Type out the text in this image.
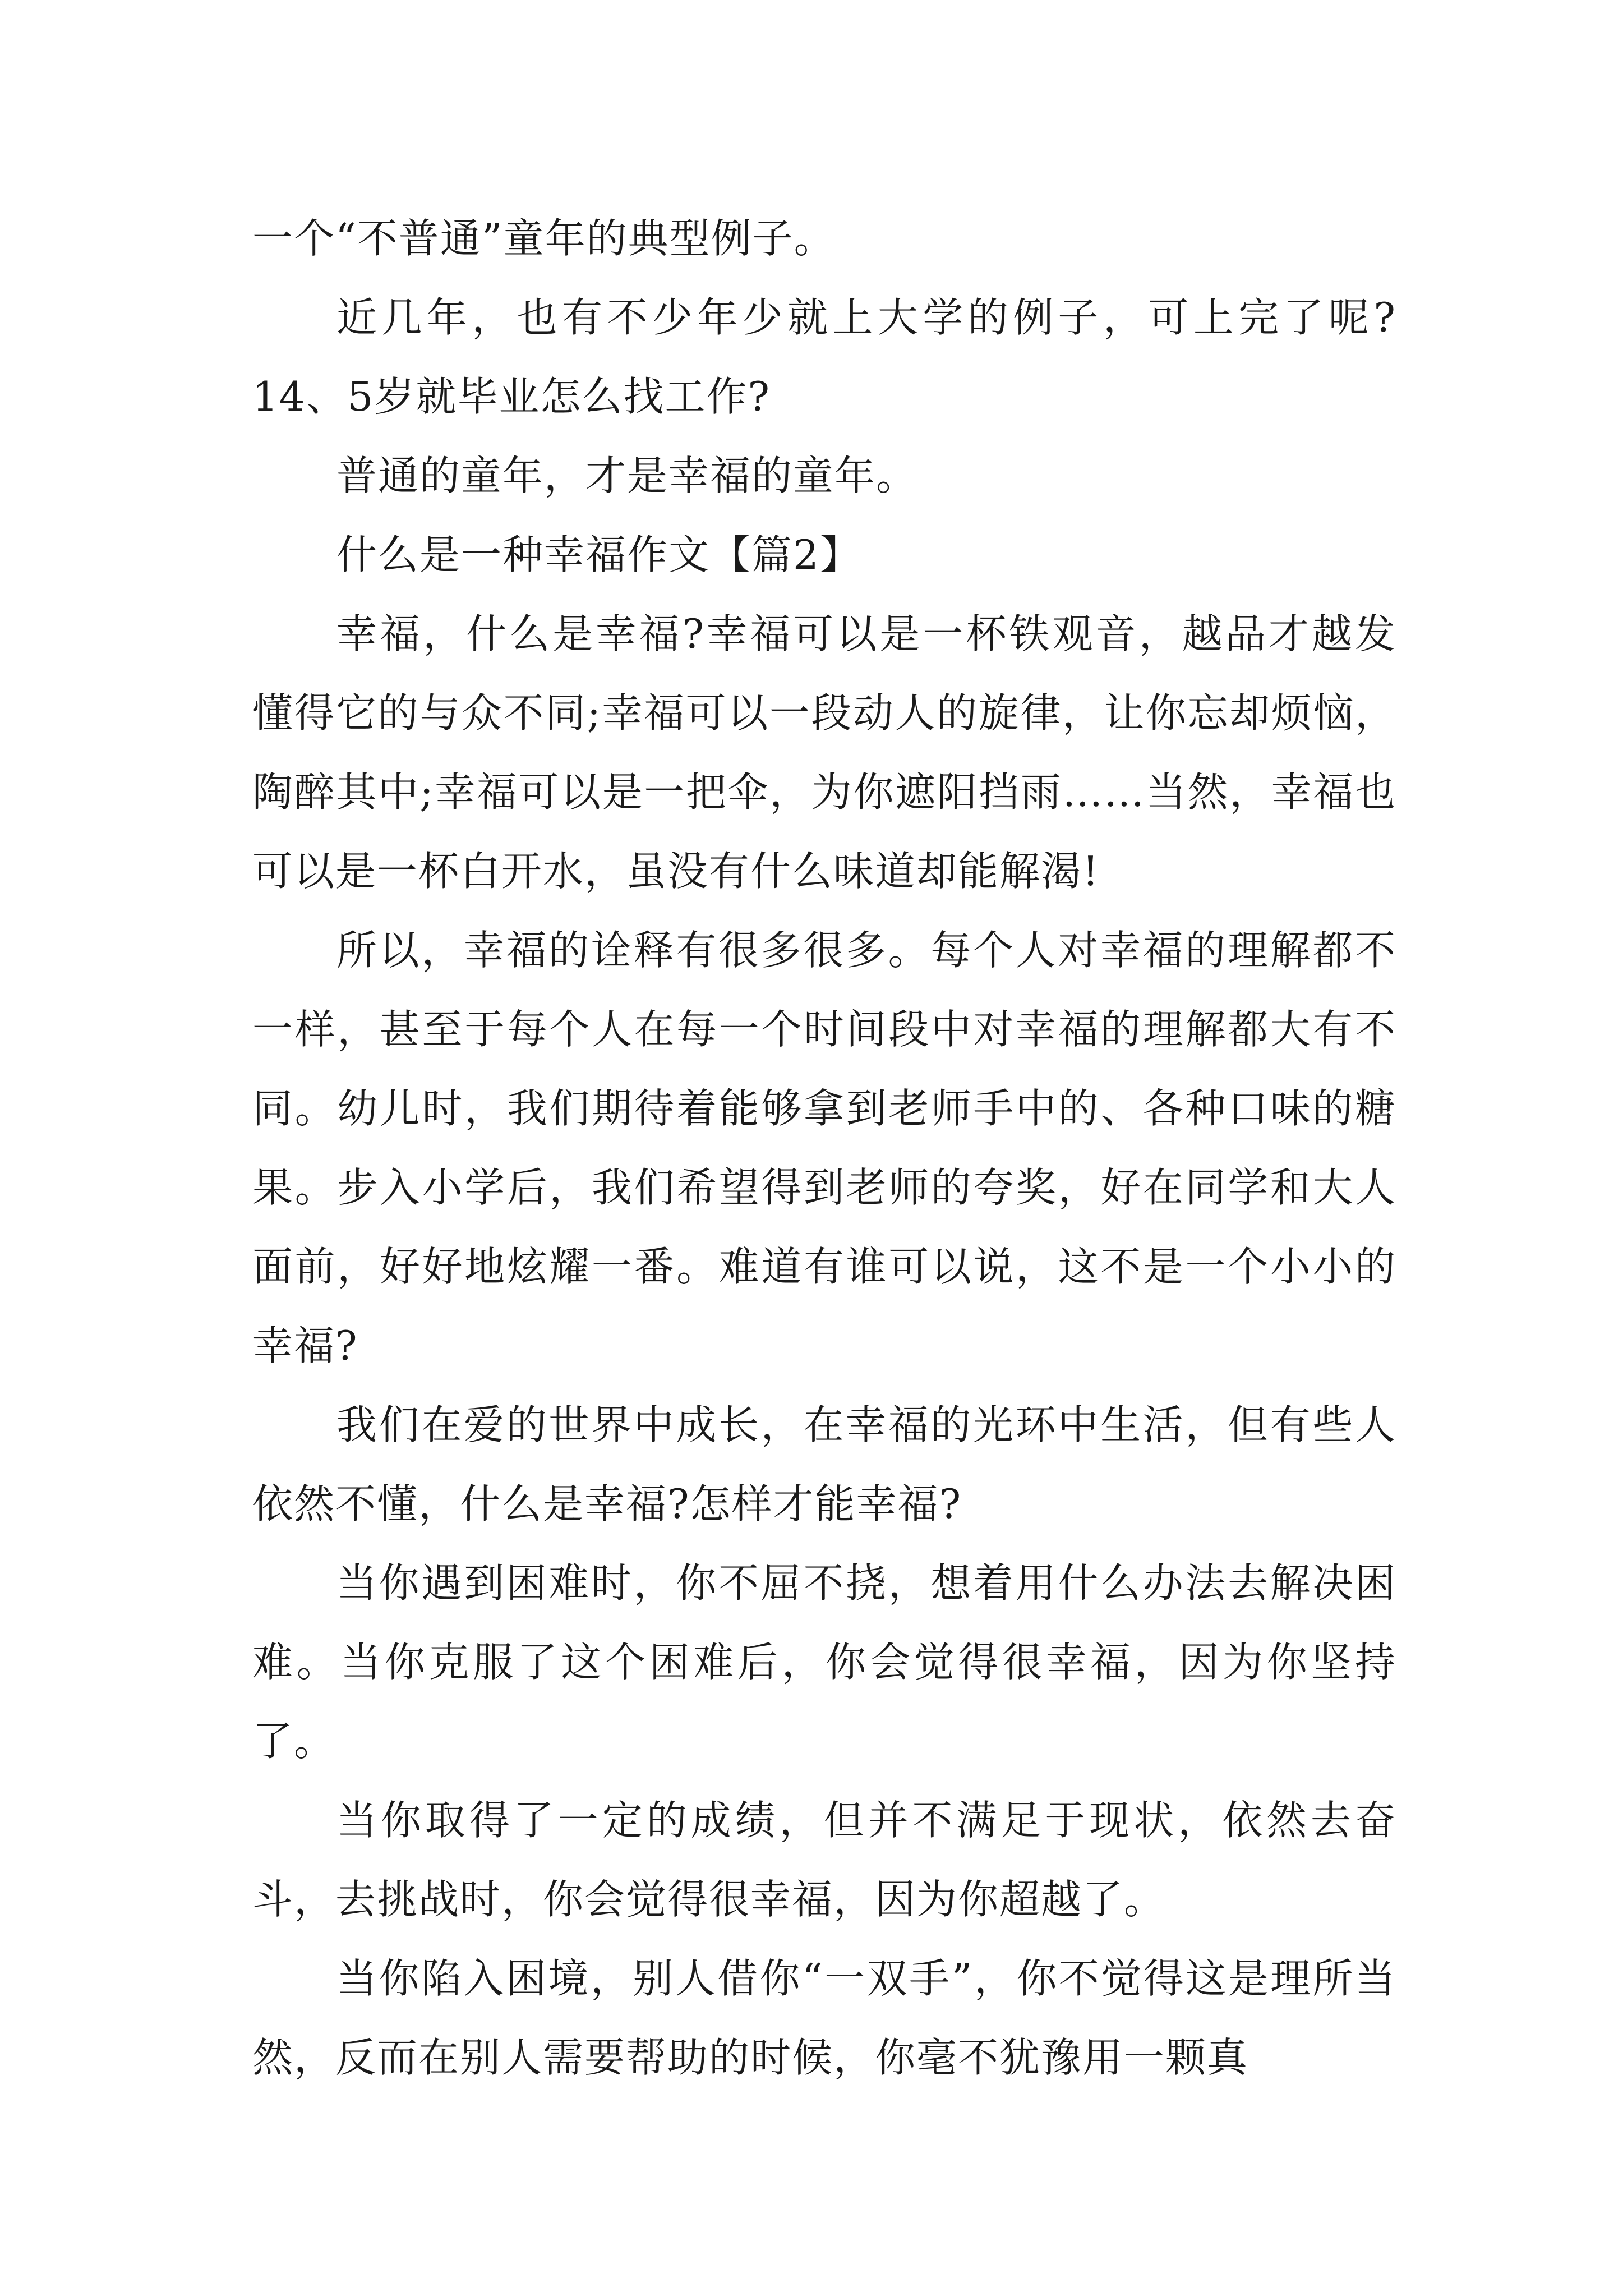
一个“不普通”童年的典型例子。

近几年，也有不少年少就上大学的例子，可上完了呢?14、5岁就毕业怎么找工作?

普通的童年，才是幸福的童年。

什么是一种幸福作文【篇2】

幸福，什么是幸福?幸福可以是一杯铁观音，越品才越发懂得它的与众不同;幸福可以一段动人的旋律，让你忘却烦恼，陶醉其中;幸福可以是一把伞，为你遮阳挡雨……当然，幸福也可以是一杯白开水，虽没有什么味道却能解渴!

所以，幸福的诠释有很多很多。每个人对幸福的理解都不一样，甚至于每个人在每一个时间段中对幸福的理解都大有不同。幼儿时，我们期待着能够拿到老师手中的、各种口味的糖果。步入小学后，我们希望得到老师的夸奖，好在同学和大人面前，好好地炫耀一番。难道有谁可以说，这不是一个小小的幸福?

我们在爱的世界中成长，在幸福的光环中生活，但有些人依然不懂，什么是幸福?怎样才能幸福?

当你遇到困难时，你不屈不挠，想着用什么办法去解决困难。当你克服了这个困难后，你会觉得很幸福，因为你坚持了。

当你取得了一定的成绩，但并不满足于现状，依然去奋斗，去挑战时，你会觉得很幸福，因为你超越了。

当你陷入困境，别人借你“一双手”，你不觉得这是理所当然，反而在别人需要帮助的时候，你毫不犹豫用一颗真
